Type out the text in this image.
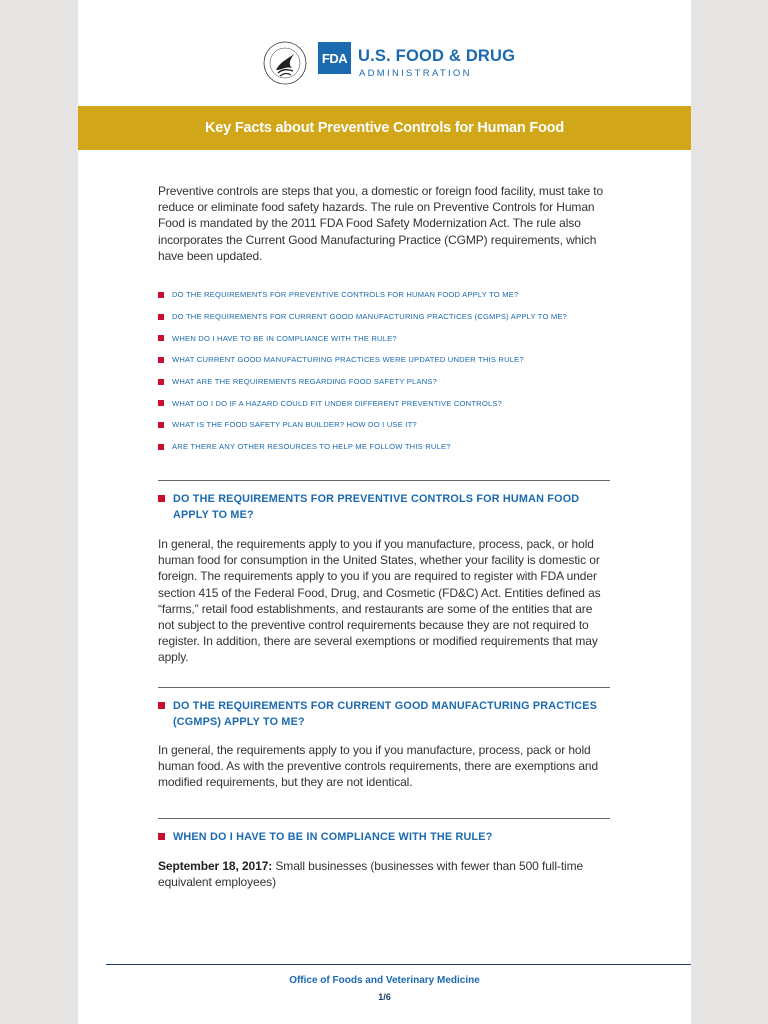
FDA U.S. FOOD & DRUG
ADMINISTRATION
Key Facts about Preventive Controls for Human Food

Preventive controls are steps that you, a domestic or foreign food facility, must take to reduce or eliminate food safety hazards. The rule on Preventive Controls for Human Food is mandated by the 2011 FDA Food Safety Modernization Act. The rule also incorporates the Current Good Manufacturing Practice (CGMP) requirements, which have been updated.

DO THE REQUIREMENTS FOR PREVENTIVE CONTROLS FOR HUMAN FOOD APPLY TO ME?
DO THE REQUIREMENTS FOR CURRENT GOOD MANUFACTURING PRACTICES (CGMPS) APPLY TO ME?
WHEN DO I HAVE TO BE IN COMPLIANCE WITH THE RULE?
WHAT CURRENT GOOD MANUFACTURING PRACTICES WERE UPDATED UNDER THIS RULE?
WHAT ARE THE REQUIREMENTS REGARDING FOOD SAFETY PLANS?
WHAT DO I DO IF A HAZARD COULD FIT UNDER DIFFERENT PREVENTIVE CONTROLS?
WHAT IS THE FOOD SAFETY PLAN BUILDER? HOW DO I USE IT?
ARE THERE ANY OTHER RESOURCES TO HELP ME FOLLOW THIS RULE?
DO THE REQUIREMENTS FOR PREVENTIVE CONTROLS FOR HUMAN FOOD APPLY TO ME?

In general, the requirements apply to you if you manufacture, process, pack, or hold human food for consumption in the United States, whether your facility is domestic or foreign. The requirements apply to you if you are required to register with FDA under section 415 of the Federal Food, Drug, and Cosmetic (FD&C) Act. Entities defined as “farms,” retail food establishments, and restaurants are some of the entities that are not subject to the preventive control requirements because they are not required to register. In addition, there are several exemptions or modified requirements that may apply.

DO THE REQUIREMENTS FOR CURRENT GOOD MANUFACTURING PRACTICES (CGMPS) APPLY TO ME?

In general, the requirements apply to you if you manufacture, process, pack or hold human food. As with the preventive controls requirements, there are exemptions and modified requirements, but they are not identical.

WHEN DO I HAVE TO BE IN COMPLIANCE WITH THE RULE?

September 18, 2017: Small businesses (businesses with fewer than 500 full-time equivalent employees)

Office of Foods and Veterinary Medicine
1/6
